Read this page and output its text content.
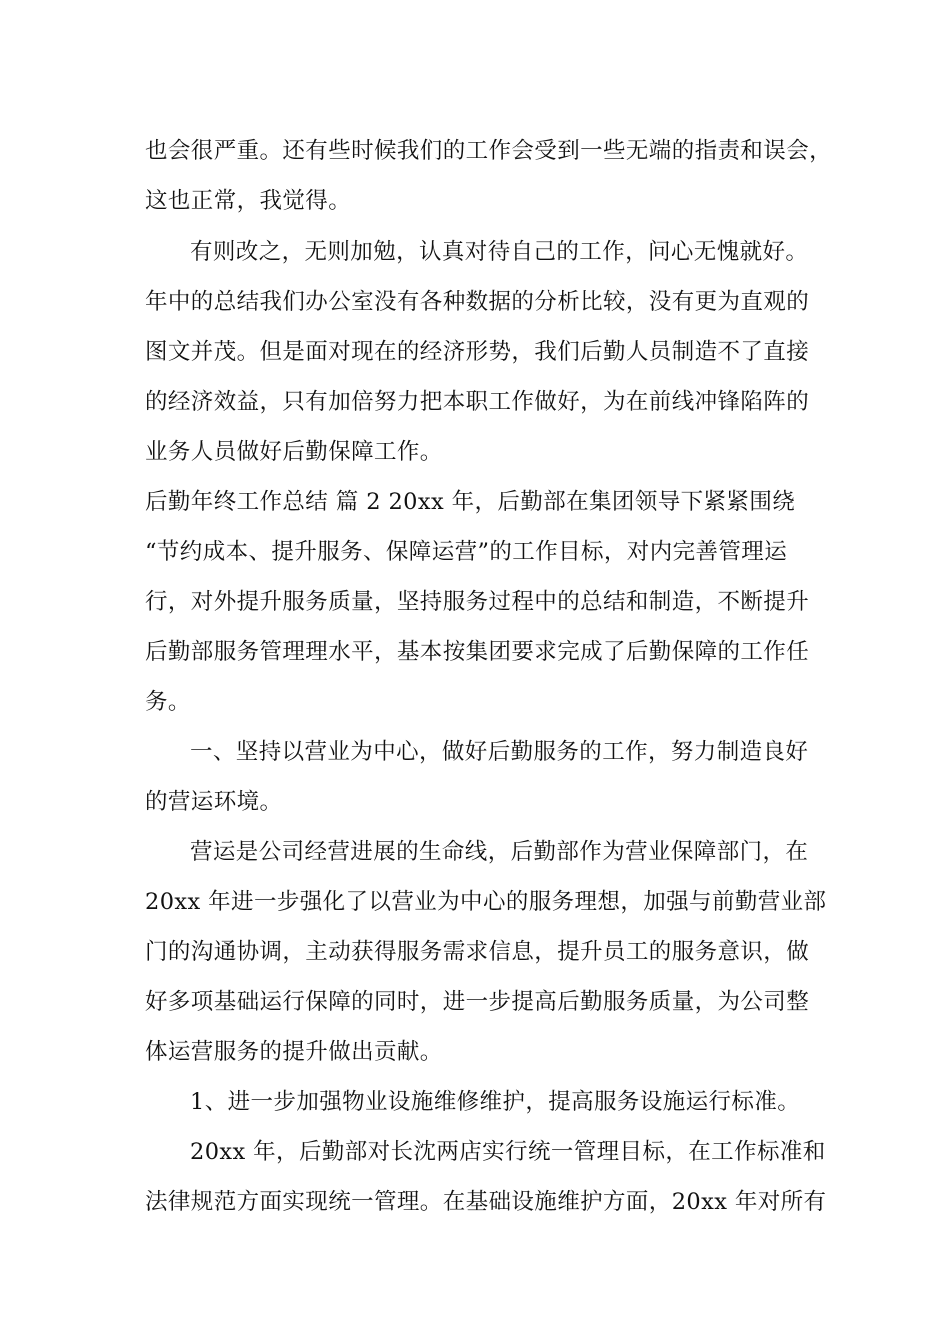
也会很严重。还有些时候我们的工作会受到一些无端的指责和误会，
这也正常，我觉得。
有则改之，无则加勉，认真对待自己的工作，问心无愧就好。
年中的总结我们办公室没有各种数据的分析比较，没有更为直观的
图文并茂。但是面对现在的经济形势，我们后勤人员制造不了直接
的经济效益，只有加倍努力把本职工作做好，为在前线冲锋陷阵的
业务人员做好后勤保障工作。
后勤年终工作总结 篇 2 20xx 年，后勤部在集团领导下紧紧围绕
“节约成本、提升服务、保障运营”的工作目标，对内完善管理运
行，对外提升服务质量，坚持服务过程中的总结和制造，不断提升
后勤部服务管理理水平，基本按集团要求完成了后勤保障的工作任
务。
一、坚持以营业为中心，做好后勤服务的工作，努力制造良好
的营运环境。
营运是公司经营进展的生命线，后勤部作为营业保障部门，在
20xx 年进一步强化了以营业为中心的服务理想，加强与前勤营业部
门的沟通协调，主动获得服务需求信息，提升员工的服务意识，做
好多项基础运行保障的同时，进一步提高后勤服务质量，为公司整
体运营服务的提升做出贡献。
1、进一步加强物业设施维修维护，提高服务设施运行标准。
20xx 年，后勤部对长沈两店实行统一管理目标，在工作标准和
法律规范方面实现统一管理。在基础设施维护方面，20xx 年对所有
